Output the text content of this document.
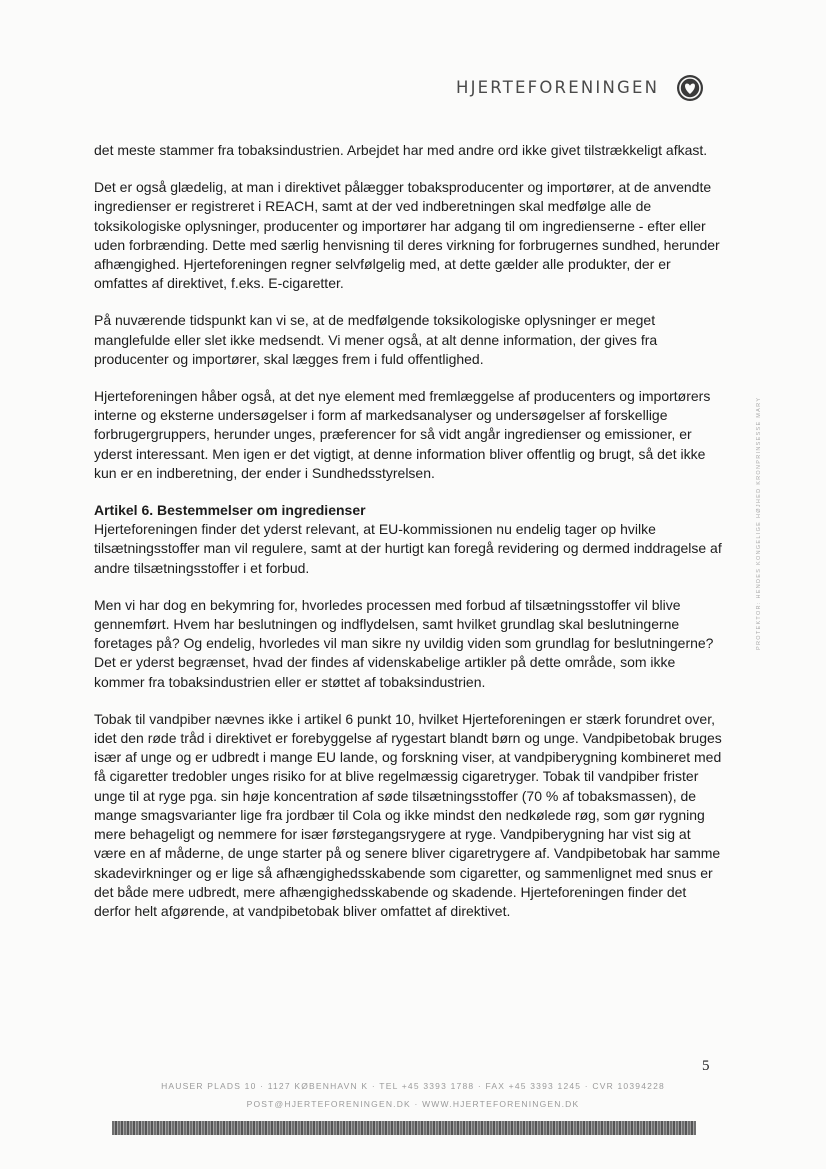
HJERTEFORENINGEN

det meste stammer fra tobaksindustrien. Arbejdet har med andre ord ikke givet tilstrækkeligt afkast.

Det er også glædelig, at man i direktivet pålægger tobaksproducenter og importører, at de anvendte ingredienser er registreret i REACH, samt at der ved indberetningen skal medfølge alle de toksikologiske oplysninger, producenter og importører har adgang til om ingredienserne - efter eller uden forbrænding. Dette med særlig henvisning til deres virkning for forbrugernes sundhed, herunder afhængighed. Hjerteforeningen regner selvfølgelig med, at dette gælder alle produkter, der er omfattes af direktivet, f.eks. E-cigaretter.

På nuværende tidspunkt kan vi se, at de medfølgende toksikologiske oplysninger er meget manglefulde eller slet ikke medsendt. Vi mener også, at alt denne information, der gives fra producenter og importører, skal lægges frem i fuld offentlighed.

Hjerteforeningen håber også, at det nye element med fremlæggelse af producenters og importørers interne og eksterne undersøgelser i form af markedsanalyser og undersøgelser af forskellige forbrugergruppers, herunder unges, præferencer for så vidt angår ingredienser og emissioner, er yderst interessant. Men igen er det vigtigt, at denne information bliver offentlig og brugt, så det ikke kun er en indberetning, der ender i Sundhedsstyrelsen.

Artikel 6. Bestemmelser om ingredienser

Hjerteforeningen finder det yderst relevant, at EU-kommissionen nu endelig tager op hvilke tilsætningsstoffer man vil regulere, samt at der hurtigt kan foregå revidering og dermed inddragelse af andre tilsætningsstoffer i et forbud.

Men vi har dog en bekymring for, hvorledes processen med forbud af tilsætningsstoffer vil blive gennemført. Hvem har beslutningen og indflydelsen, samt hvilket grundlag skal beslutningerne foretages på? Og endelig, hvorledes vil man sikre ny uvildig viden som grundlag for beslutningerne? Det er yderst begrænset, hvad der findes af videnskabelige artikler på dette område, som ikke kommer fra tobaksindustrien eller er støttet af tobaksindustrien.

Tobak til vandpiber nævnes ikke i artikel 6 punkt 10, hvilket Hjerteforeningen er stærk forundret over, idet den røde tråd i direktivet er forebyggelse af rygestart blandt børn og unge. Vandpibetobak bruges især af unge og er udbredt i mange EU lande, og forskning viser, at vandpiberygning kombineret med få cigaretter tredobler unges risiko for at blive regelmæssig cigaretryger. Tobak til vandpiber frister unge til at ryge pga. sin høje koncentration af søde tilsætningsstoffer (70 % af tobaksmassen), de mange smagsvarianter lige fra jordbær til Cola og ikke mindst den nedkølede røg, som gør rygning mere behageligt og nemmere for især førstegangsrygere at ryge. Vandpiberygning har vist sig at være en af måderne, de unge starter på og senere bliver cigaretrygere af. Vandpibetobak har samme skadevirkninger og er lige så afhængighedsskabende som cigaretter, og sammenlignet med snus er det både mere udbredt, mere afhængighedsskabende og skadende. Hjerteforeningen finder det derfor helt afgørende, at vandpibetobak bliver omfattet af direktivet.

PROTEKTOR: HENDES KONGELIGE HØJHED KRONPRINSESSE MARY
5
HAUSER PLADS 10 · 1127 KØBENHAVN K · TEL +45 3393 1788 · FAX +45 3393 1245 · CVR 10394228
POST@HJERTEFORENINGEN.DK · WWW.HJERTEFORENINGEN.DK
